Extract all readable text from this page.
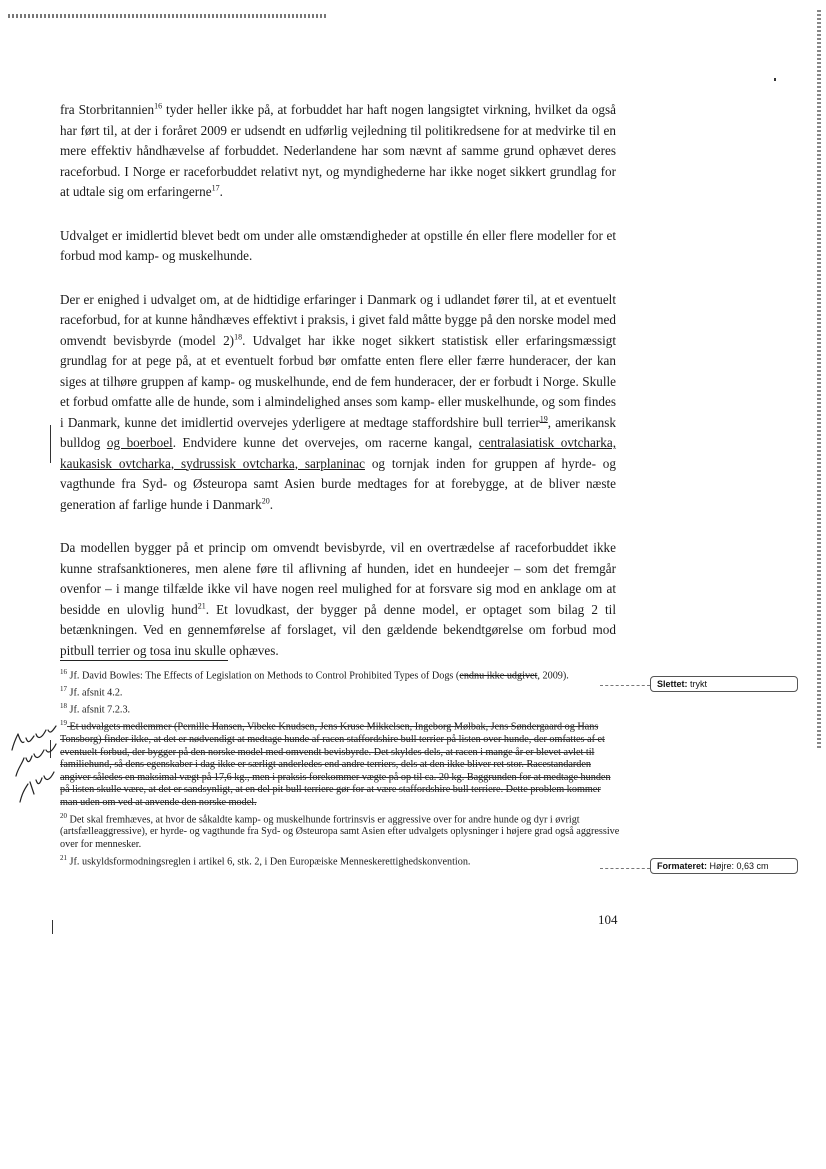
fra Storbritannien$^{16}$ tyder heller ikke på, at forbuddet har haft nogen langsigtet virkning, hvilket da også har ført til, at der i foråret 2009 er udsendt en udførlig vejledning til politikredsene for at medvirke til en mere effektiv håndhævelse af forbuddet. Nederlandene har som nævnt af samme grund ophævet deres raceforbud. I Norge er raceforbuddet relativt nyt, og myndighederne har ikke noget sikkert grundlag for at udtale sig om erfaringerne$^{17}$.

Udvalget er imidlertid blevet bedt om under alle omstændigheder at opstille én eller flere modeller for et forbud mod kamp- og muskelhunde.

Der er enighed i udvalget om, at de hidtidige erfaringer i Danmark og i udlandet fører til, at et eventuelt raceforbud, for at kunne håndhæves effektivt i praksis, i givet fald måtte bygge på den norske model med omvendt bevisbyrde (model 2)$^{18}$. Udvalget har ikke noget sikkert statistisk eller erfaringsmæssigt grundlag for at pege på, at et eventuelt forbud bør omfatte enten flere eller færre hunderacer, der kan siges at tilhøre gruppen af kamp- og muskelhunde, end de fem hunderacer, der er forbudt i Norge. Skulle et forbud omfatte alle de hunde, som i almindelighed anses som kamp- eller muskelhunde, og som findes i Danmark, kunne det imidlertid overvejes yderligere at medtage staffordshire bull terrier$^{19}$, amerikansk bulldog og boerboel. Endvidere kunne det overvejes, om racerne kangal, centralasiatisk ovtcharka, kaukasisk ovtcharka, sydrussisk ovtcharka, sarplaninac og tornjak inden for gruppen af hyrde- og vagthunde fra Syd- og Østeuropa samt Asien burde medtages for at forebygge, at de bliver næste generation af farlige hunde i Danmark$^{20}$.

Da modellen bygger på et princip om omvendt bevisbyrde, vil en overtrædelse af raceforbuddet ikke kunne strafsanktioneres, men alene føre til aflivning af hunden, idet en hundeejer – som det fremgår ovenfor – i mange tilfælde ikke vil have nogen reel mulighed for at forsvare sig mod en anklage om at besidde en ulovlig hund$^{21}$. Et lovudkast, der bygger på denne model, er optaget som bilag 2 til betænkningen. Ved en gennemførelse af forslaget, vil den gældende bekendtgørelse om forbud mod pitbull terrier og tosa inu skulle ophæves.

$^{16}$ Jf. David Bowles: The Effects of Legislation on Methods to Control Prohibited Types of Dogs (endnu ikke udgivet, 2009).

$^{17}$ Jf. afsnit 4.2.

$^{18}$ Jf. afsnit 7.2.3.

$^{19}$ Et udvalgets medlemmer (Pernille Hansen, Vibeke Knudsen, Jens Kruse Mikkelsen, Ingeborg Mølbak, Jens Søndergaard og Hans Tonsborg) finder ikke, at det er nødvendigt at medtage hunde af racen staffordshire bull terrier på listen over hunde, der omfattes af et eventuelt forbud, der bygger på den norske model med omvendt bevisbyrde. Det skyldes dels, at racen i mange år er blevet avlet til familiehund, så dens egenskaber i dag ikke er særligt anderledes end andre terriers, dels at den ikke bliver ret stor. Racestandarden angiver således en maksimal vægt på 17,6 kg., men i praksis forekommer vægte på op til ca. 20 kg. Baggrunden for at medtage hunden på listen skulle være, at det er sandsynligt, at en del pit bull terriere gør for at være staffordshire bull terriere. Dette problem kommer man uden om ved at anvende den norske model.

$^{20}$ Det skal fremhæves, at hvor de såkaldte kamp- og muskelhunde fortrinsvis er aggressive over for andre hunde og dyr i øvrigt (artsfælleaggressive), er hyrde- og vagthunde fra Syd- og Østeuropa samt Asien efter udvalgets oplysninger i højere grad også aggressive over for mennesker.

$^{21}$ Jf. uskyldsformodningsreglen i artikel 6, stk. 2, i Den Europæiske Menneskerettighedskonvention.

Slettet: trykt
Formateret: Højre: 0,63 cm
104
